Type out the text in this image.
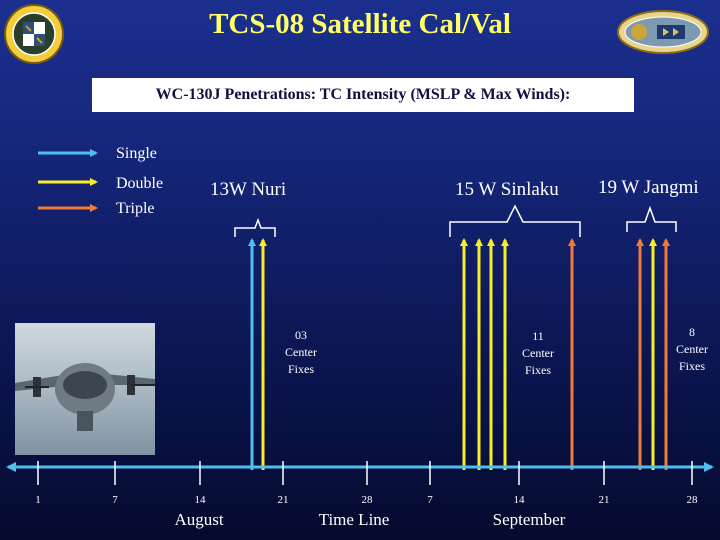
TCS-08 Satellite Cal/Val
WC-130J Penetrations: TC Intensity (MSLP & Max Winds):
Single
Double
Triple
13W Nuri	15 W Sinlaku 19 W Jangmi
03
Center
Fixes
11
Center
Fixes
8
Center
Fixes
1	7	14	21	28	7	14	21	28
August	Time Line	September
